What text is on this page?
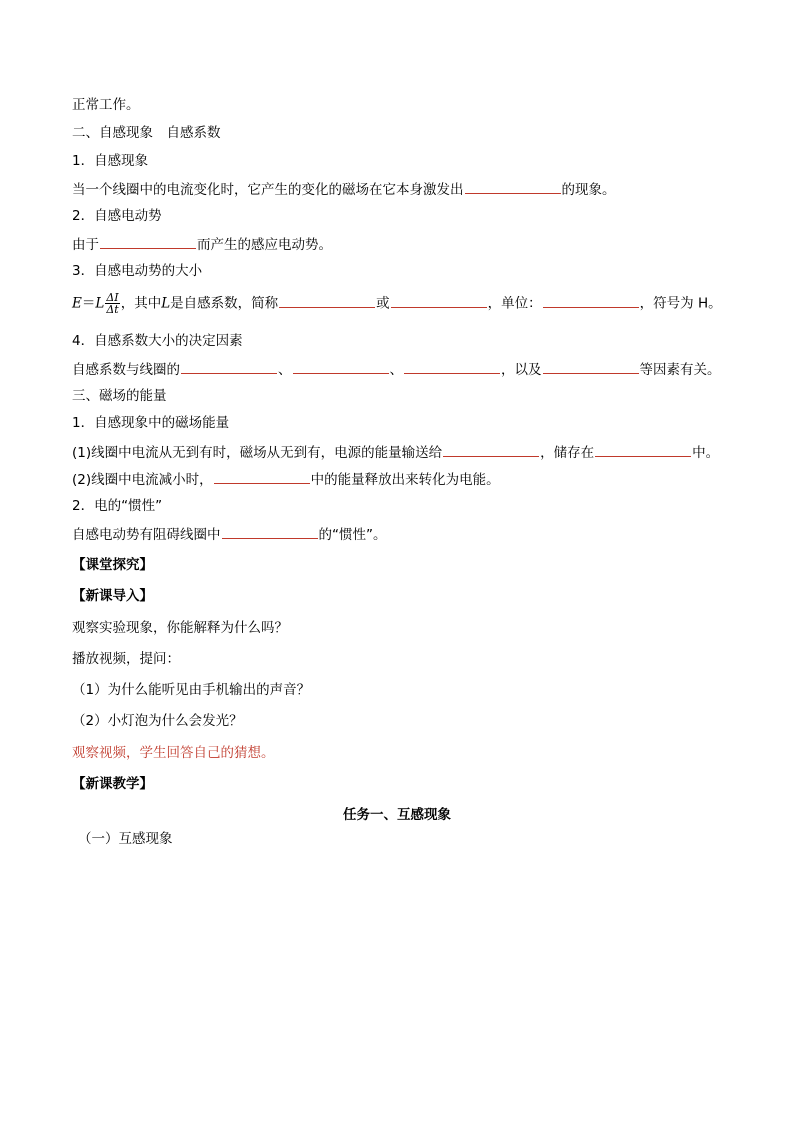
正常工作。
二、自感现象　自感系数
1．自感现象
当一个线圈中的电流变化时，它产生的变化的磁场在它本身激发出	的现象。
2．自感电动势
由于	而产生的感应电动势。
3．自感电动势的大小
$E=L \frac{\Delta I}{\Delta t}$ ，其中L是自感系数，简称	或	，单位：	，符号为 H。
4．自感系数大小的决定因素
自感系数与线圈的	、	、	，以及	等因素有关。
三、磁场的能量
1．自感现象中的磁场能量
(1)线圈中电流从无到有时，磁场从无到有，电源的能量输送给	，储存在	中。
(2)线圈中电流减小时，	中的能量释放出来转化为电能。
2．电的“惯性”
自感电动势有阻碍线圈中	的“惯性”。
【课堂探究】
【新课导入】
观察实验现象，你能解释为什么吗？
播放视频，提问：
（1）为什么能听见由手机输出的声音？
（2）小灯泡为什么会发光？
观察视频，学生回答自己的猜想。
【新课教学】
任务一、互感现象
（一）互感现象
